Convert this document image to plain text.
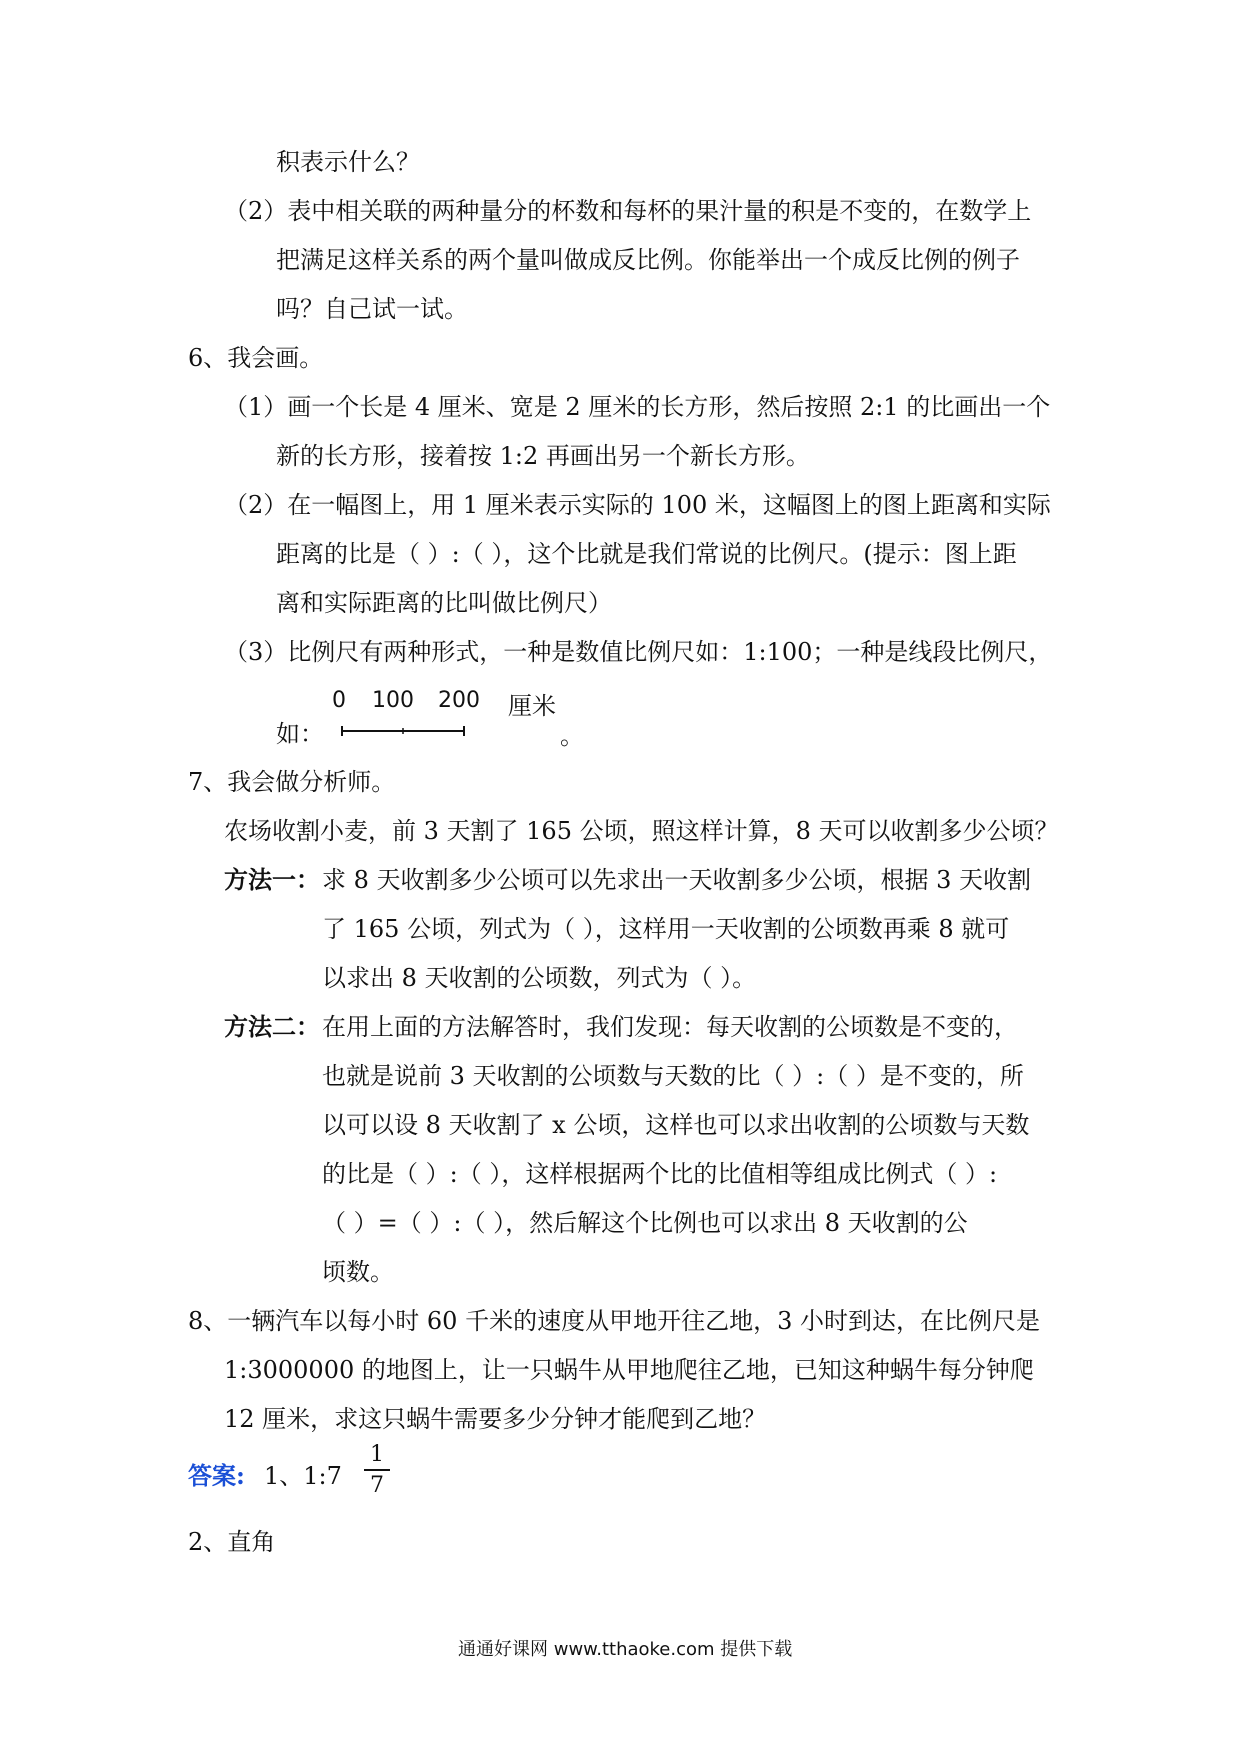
积表示什么？
（2）表中相关联的两种量分的杯数和每杯的果汁量的积是不变的，在数学上
把满足这样关系的两个量叫做成反比例。你能举出一个成反比例的例子
吗？自己试一试。
6、我会画。
（1）画一个长是 4 厘米、宽是 2 厘米的长方形，然后按照 2:1 的比画出一个
新的长方形，接着按 1:2 再画出另一个新长方形。
（2）在一幅图上，用 1 厘米表示实际的 100 米，这幅图上的图上距离和实际
距离的比是（ ）:（ ），这个比就是我们常说的比例尺。(提示：图上距
离和实际距离的比叫做比例尺）
（3）比例尺有两种形式，一种是数值比例尺如：1:100；一种是线段比例尺，
如：
0 100 200 厘米
。
7、我会做分析师。
农场收割小麦，前 3 天割了 165 公顷，照这样计算，8 天可以收割多少公顷？
方法一： 求 8 天收割多少公顷可以先求出一天收割多少公顷，根据 3 天收割
了 165 公顷，列式为（ ），这样用一天收割的公顷数再乘 8 就可
以求出 8 天收割的公顷数，列式为（ ）。
方法二： 在用上面的方法解答时，我们发现：每天收割的公顷数是不变的，
也就是说前 3 天收割的公顷数与天数的比（ ）:（ ）是不变的，所
以可以设 8 天收割了 x 公顷，这样也可以求出收割的公顷数与天数
的比是（ ）:（ ），这样根据两个比的比值相等组成比例式（ ）:
（ ）=（ ）:（ ），然后解这个比例也可以求出 8 天收割的公
顷数。
8、一辆汽车以每小时 60 千米的速度从甲地开往乙地，3 小时到达，在比例尺是
1:3000000 的地图上，让一只蜗牛从甲地爬往乙地，已知这种蜗牛每分钟爬
12 厘米，求这只蜗牛需要多少分钟才能爬到乙地？
答案: 1、1:7
1
7
2、直角
通通好课网 www.tthaoke.com 提供下载
